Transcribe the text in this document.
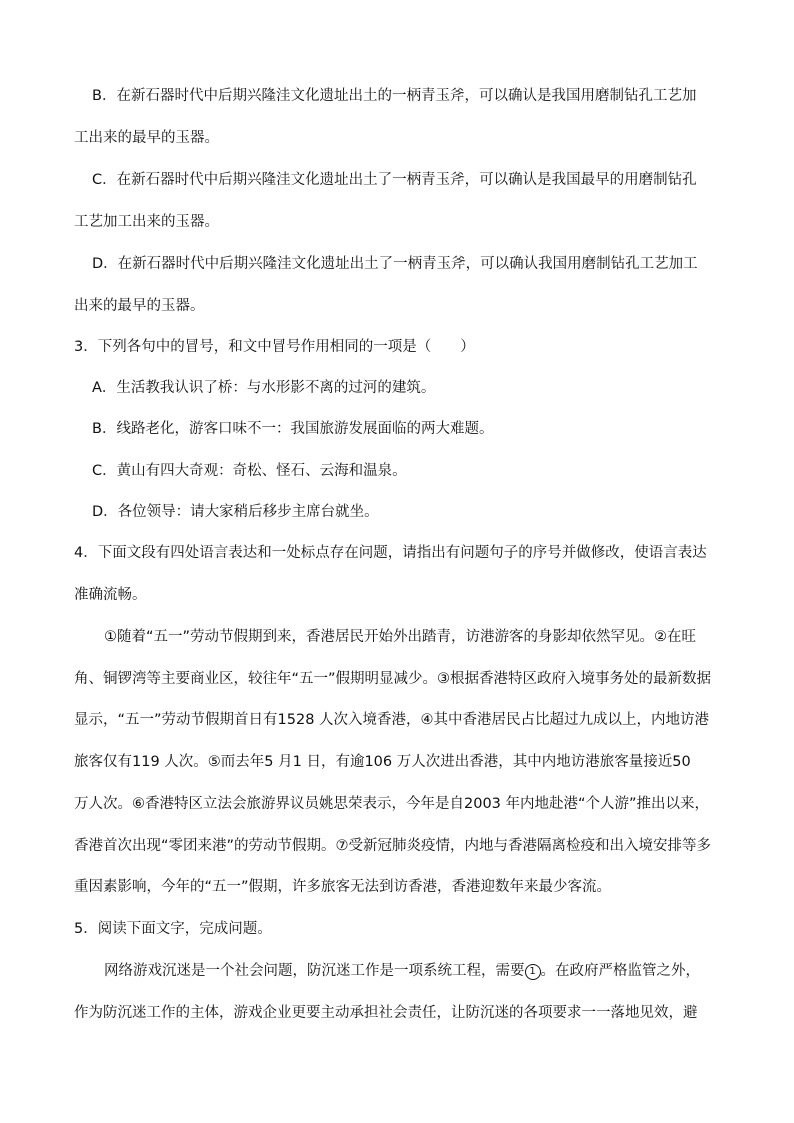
B．在新石器时代中后期兴隆洼文化遗址出土的一柄青玉斧，可以确认是我国用磨制钻孔工艺加
工出来的最早的玉器。
C．在新石器时代中后期兴隆洼文化遗址出土了一柄青玉斧，可以确认是我国最早的用磨制钻孔
工艺加工出来的玉器。
D．在新石器时代中后期兴隆洼文化遗址出土了一柄青玉斧，可以确认我国用磨制钻孔工艺加工
出来的最早的玉器。
3．下列各句中的冒号，和文中冒号作用相同的一项是（　　）
A．生活教我认识了桥：与水形影不离的过河的建筑。
B．线路老化，游客口味不一：我国旅游发展面临的两大难题。
C．黄山有四大奇观：奇松、怪石、云海和温泉。
D．各位领导：请大家稍后移步主席台就坐。
4．下面文段有四处语言表达和一处标点存在问题，请指出有问题句子的序号并做修改，使语言表达
准确流畅。
①随着“五一”劳动节假期到来，香港居民开始外出踏青，访港游客的身影却依然罕见。②在旺
角、铜锣湾等主要商业区，较往年“五一”假期明显减少。③根据香港特区政府入境事务处的最新数据
显示，“五一”劳动节假期首日有1528 人次入境香港，④其中香港居民占比超过九成以上，内地访港
旅客仅有119 人次。⑤而去年5 月1 日，有逾106 万人次进出香港，其中内地访港旅客量接近50
万人次。⑥香港特区立法会旅游界议员姚思荣表示，今年是自2003 年内地赴港“个人游”推出以来，
香港首次出现“零团来港”的劳动节假期。⑦受新冠肺炎疫情，内地与香港隔离检疫和出入境安排等多
重因素影响，今年的“五一”假期，许多旅客无法到访香港，香港迎数年来最少客流。
5．阅读下面文字，完成问题。
网络游戏沉迷是一个社会问题，防沉迷工作是一项系统工程，需要 1 。在政府严格监管之外，
作为防沉迷工作的主体，游戏企业更要主动承担社会责任，让防沉迷的各项要求一一落地见效，避
